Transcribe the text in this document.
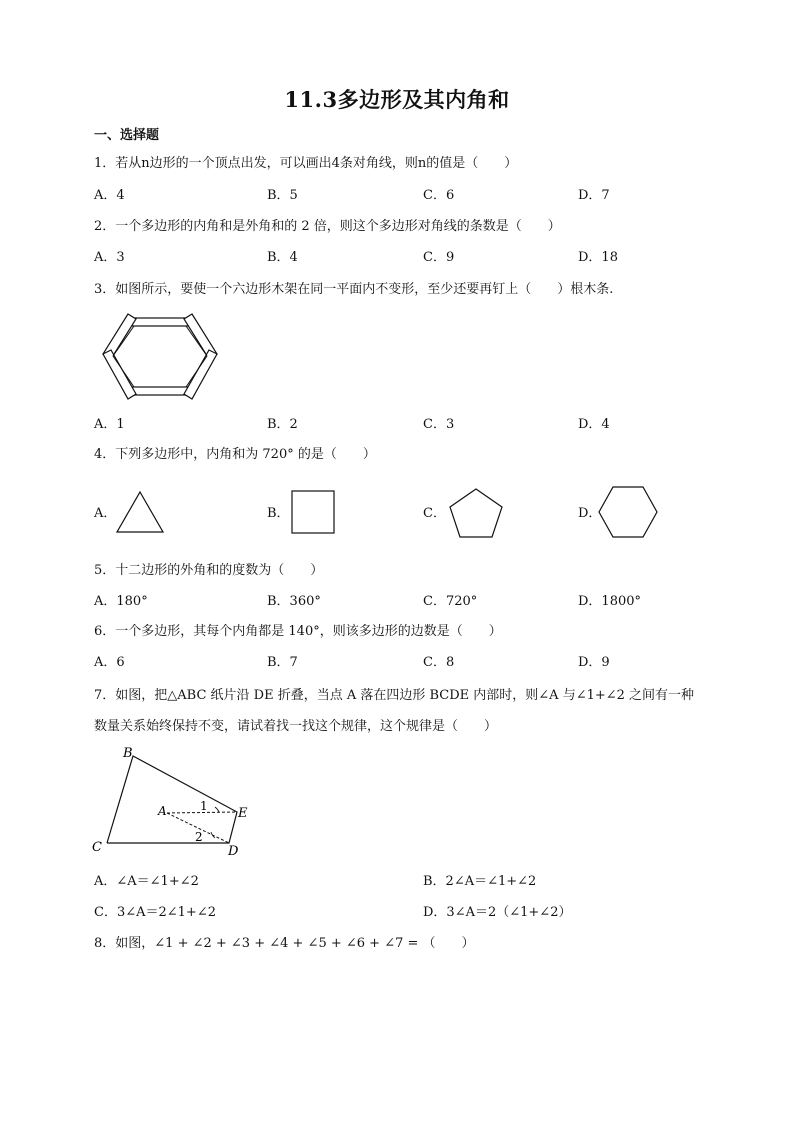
11.3多边形及其内角和
一、选择题
1．若从n边形的一个顶点出发，可以画出4条对角线，则n的值是（　　）
A．4	B．5	C．6	D．7
2．一个多边形的内角和是外角和的 2 倍，则这个多边形对角线的条数是（　　）
A．3	B．4	C．9	D．18
3．如图所示，要使一个六边形木架在同一平面内不变形，至少还要再钉上（　　）根木条.
A．1	B．2	C．3	D．4
4．下列多边形中，内角和为 720° 的是（　　）
A．	B．	C．	D．
5．十二边形的外角和的度数为（　　）
A．180°	B．360°	C．720°	D．1800°
6．一个多边形，其每个内角都是 140°，则该多边形的边数是（　　）
A．6	B．7	C．8	D．9
7．如图，把△ABC 纸片沿 DE 折叠，当点 A 落在四边形 BCDE 内部时，则∠A 与∠1+∠2 之间有一种
数量关系始终保持不变，请试着找一找这个规律，这个规律是（　　）
B
C	D
E
A	1
2
A．∠A＝∠1+∠2	B．2∠A＝∠1+∠2
C．3∠A＝2∠1+∠2	D．3∠A＝2（∠1+∠2）
8．如图，∠1 + ∠2 + ∠3 + ∠4 + ∠5 + ∠6 + ∠7 = （　　）
